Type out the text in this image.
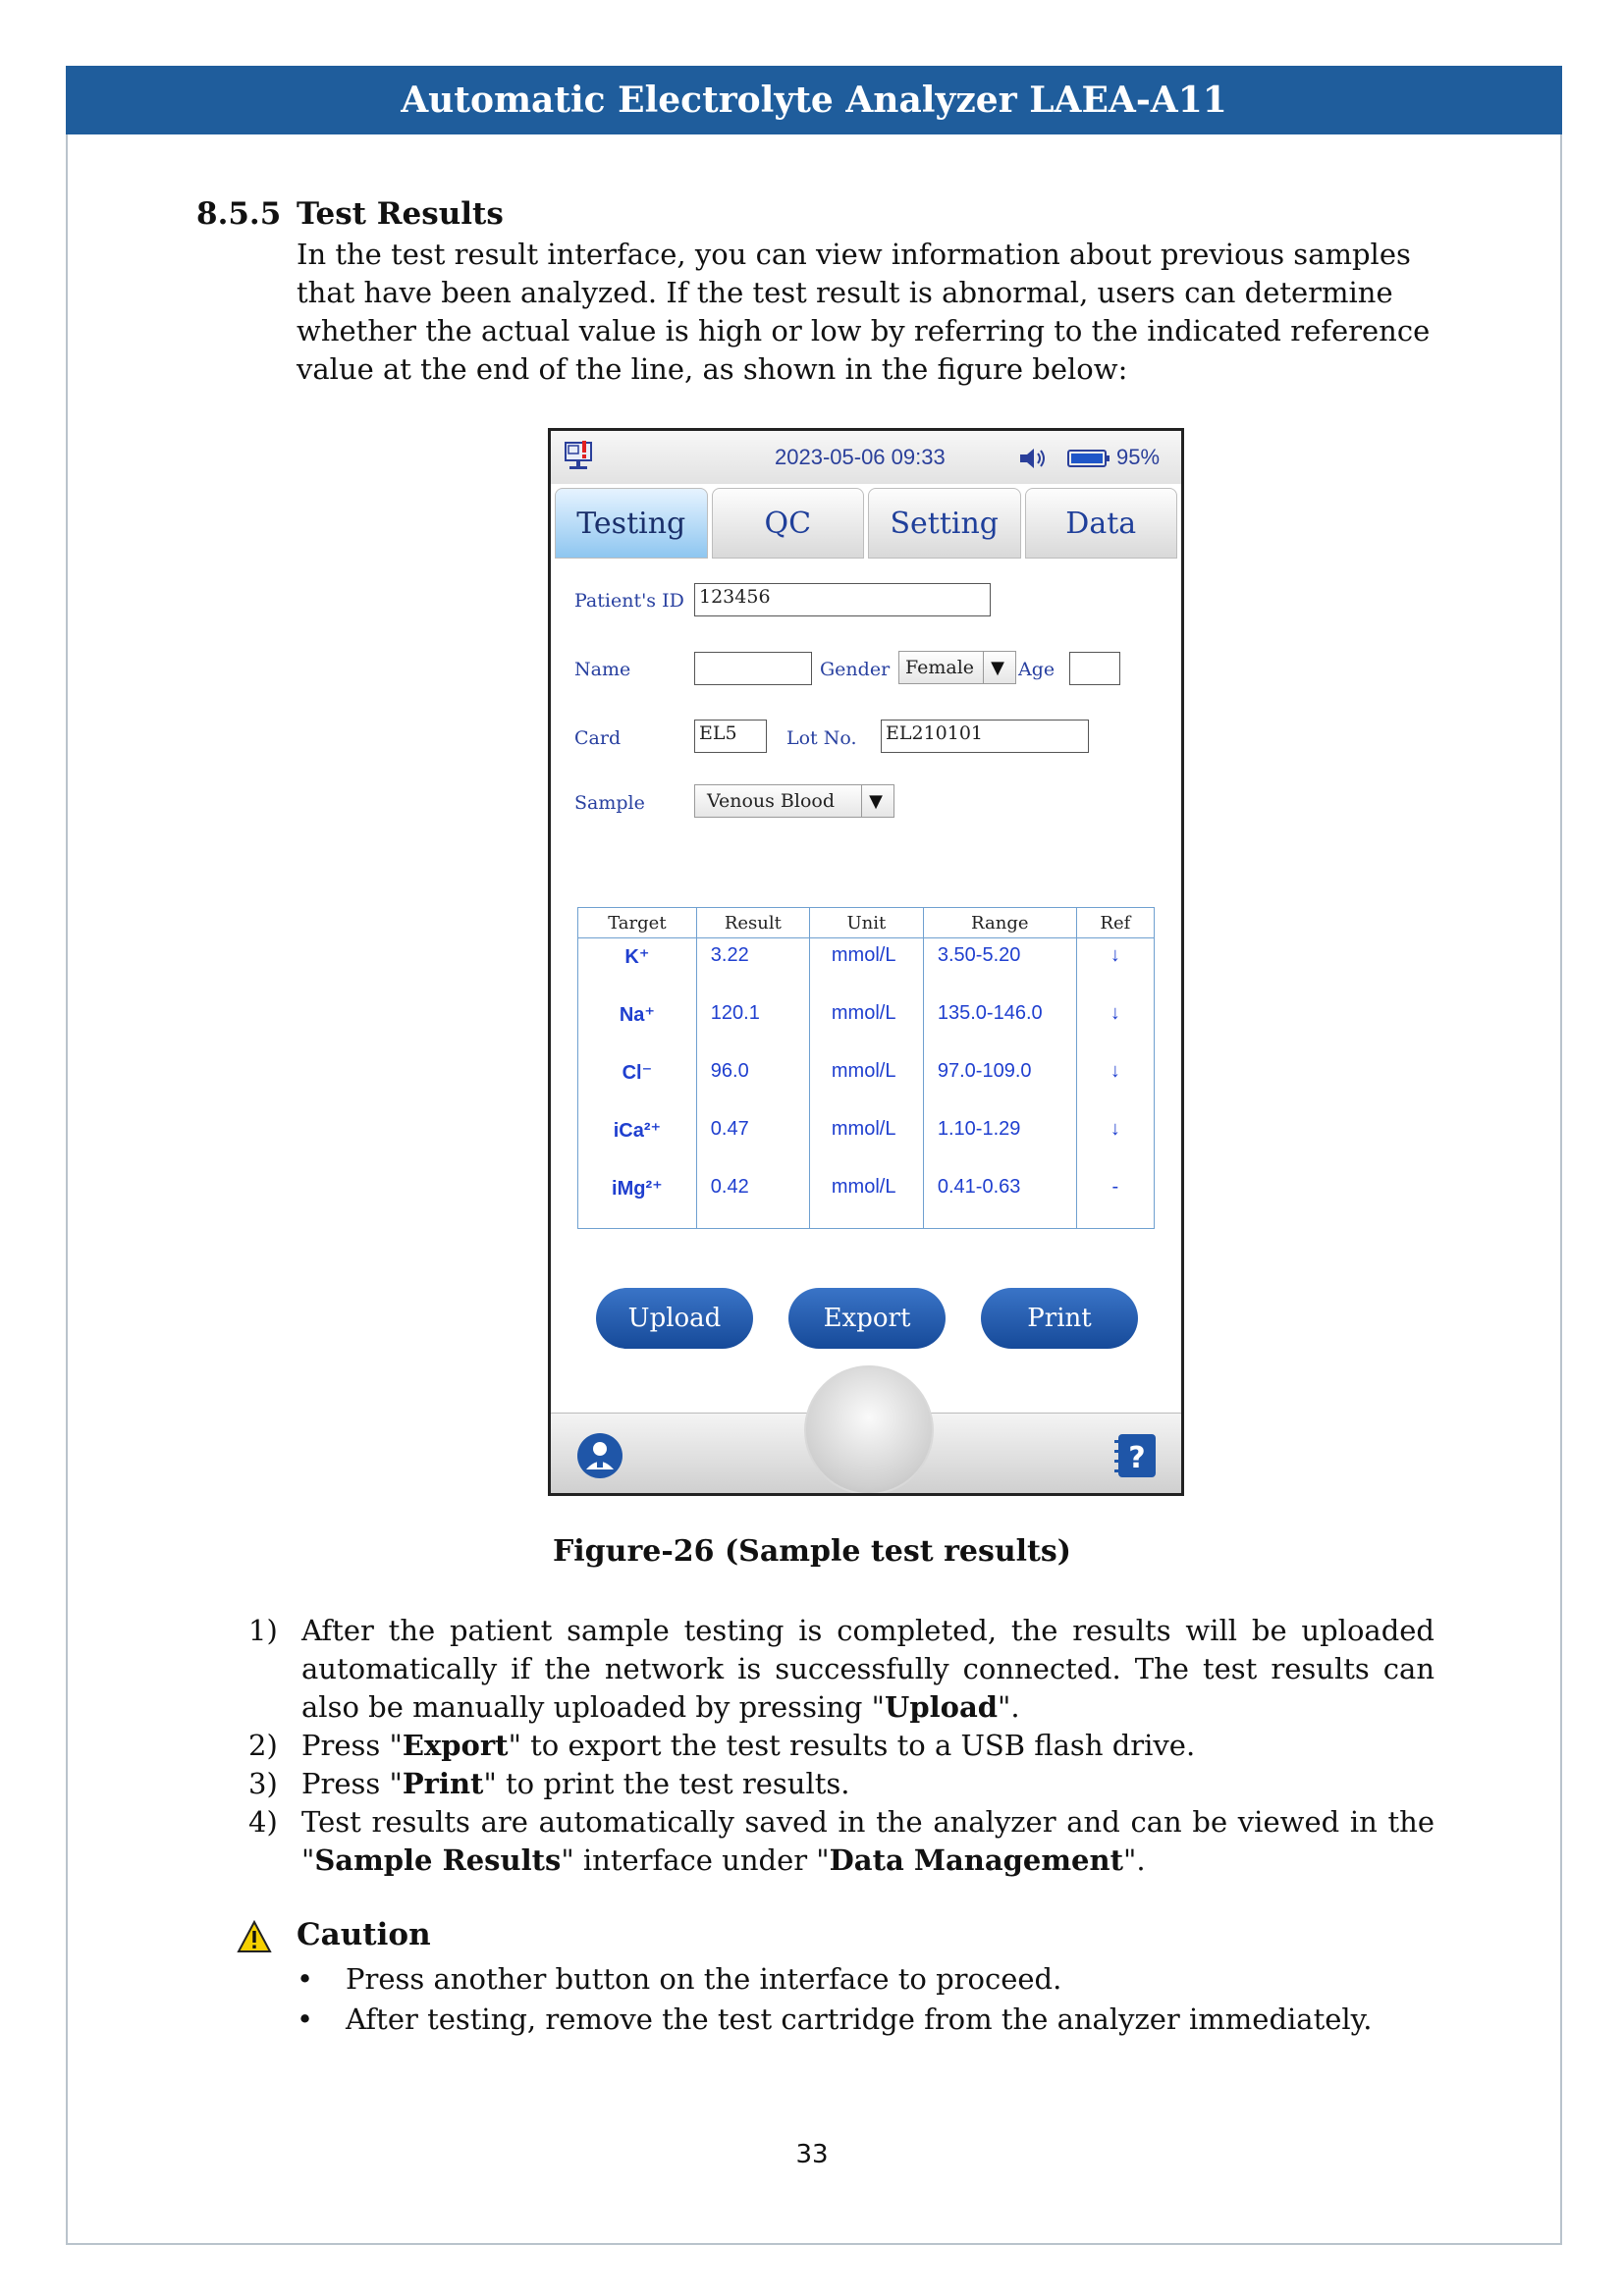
Automatic Electrolyte Analyzer LAEA-A11
8.5.5 Test Results
In the test result interface, you can view information about previous samples that have been analyzed. If the test result is abnormal, users can determine whether the actual value is high or low by referring to the indicated reference value at the end of the line, as shown in the figure below:
2023-05-06 09:33	95%
Testing	QC	Setting	Data
Patient's ID 123456
Name	Gender Female ▼ Age
Card	EL5	Lot No. EL210101
Sample	Venous Blood	▼
Target	Result	Unit	Range	Ref
K⁺	3.22	mmol/L	3.50-5.20	↓
Na⁺	120.1	mmol/L	135.0-146.0	↓
Cl⁻	96.0	mmol/L	97.0-109.0	↓
iCa²⁺	0.47	mmol/L	1.10-1.29	↓
iMg²⁺	0.42	mmol/L	0.41-0.63	-
Upload	Export	Print
?
Figure-26 (Sample test results)
1) After the patient sample testing is completed, the results will be uploaded automatically if the network is successfully connected. The test results can also be manually uploaded by pressing "Upload".
2) Press "Export" to export the test results to a USB flash drive.
3) Press "Print" to print the test results.
4) Test results are automatically saved in the analyzer and can be viewed in the "Sample Results" interface under "Data Management".
Caution
•	Press another button on the interface to proceed.
•	After testing, remove the test cartridge from the analyzer immediately.
33
